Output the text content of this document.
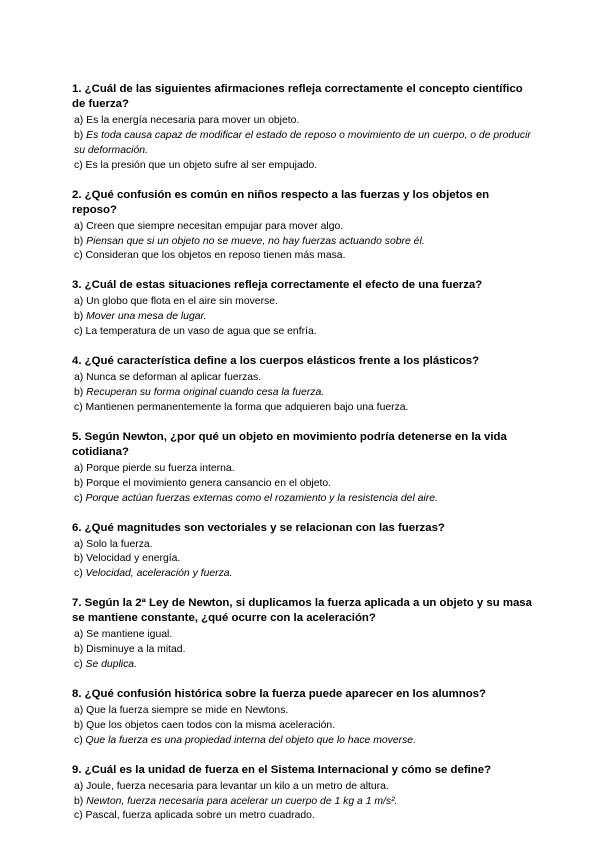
1. ¿Cuál de las siguientes afirmaciones refleja correctamente el concepto científico de fuerza?
a) Es la energía necesaria para mover un objeto.
b) Es toda causa capaz de modificar el estado de reposo o movimiento de un cuerpo, o de producir su deformación.
c) Es la presión que un objeto sufre al ser empujado.
2. ¿Qué confusión es común en niños respecto a las fuerzas y los objetos en reposo?
a) Creen que siempre necesitan empujar para mover algo.
b) Piensan que si un objeto no se mueve, no hay fuerzas actuando sobre él.
c) Consideran que los objetos en reposo tienen más masa.
3. ¿Cuál de estas situaciones refleja correctamente el efecto de una fuerza?
a) Un globo que flota en el aire sin moverse.
b) Mover una mesa de lugar.
c) La temperatura de un vaso de agua que se enfría.
4. ¿Qué característica define a los cuerpos elásticos frente a los plásticos?
a) Nunca se deforman al aplicar fuerzas.
b) Recuperan su forma original cuando cesa la fuerza.
c) Mantienen permanentemente la forma que adquieren bajo una fuerza.
5. Según Newton, ¿por qué un objeto en movimiento podría detenerse en la vida cotidiana?
a) Porque pierde su fuerza interna.
b) Porque el movimiento genera cansancio en el objeto.
c) Porque actúan fuerzas externas como el rozamiento y la resistencia del aire.
6. ¿Qué magnitudes son vectoriales y se relacionan con las fuerzas?
a) Solo la fuerza.
b) Velocidad y energía.
c) Velocidad, aceleración y fuerza.
7. Según la 2ª Ley de Newton, si duplicamos la fuerza aplicada a un objeto y su masa se mantiene constante, ¿qué ocurre con la aceleración?
a) Se mantiene igual.
b) Disminuye a la mitad.
c) Se duplica.
8. ¿Qué confusión histórica sobre la fuerza puede aparecer en los alumnos?
a) Que la fuerza siempre se mide en Newtons.
b) Que los objetos caen todos con la misma aceleración.
c) Que la fuerza es una propiedad interna del objeto que lo hace moverse.
9. ¿Cuál es la unidad de fuerza en el Sistema Internacional y cómo se define?
a) Joule, fuerza necesaria para levantar un kilo a un metro de altura.
b) Newton, fuerza necesaria para acelerar un cuerpo de 1 kg a 1 m/s².
c) Pascal, fuerza aplicada sobre un metro cuadrado.
